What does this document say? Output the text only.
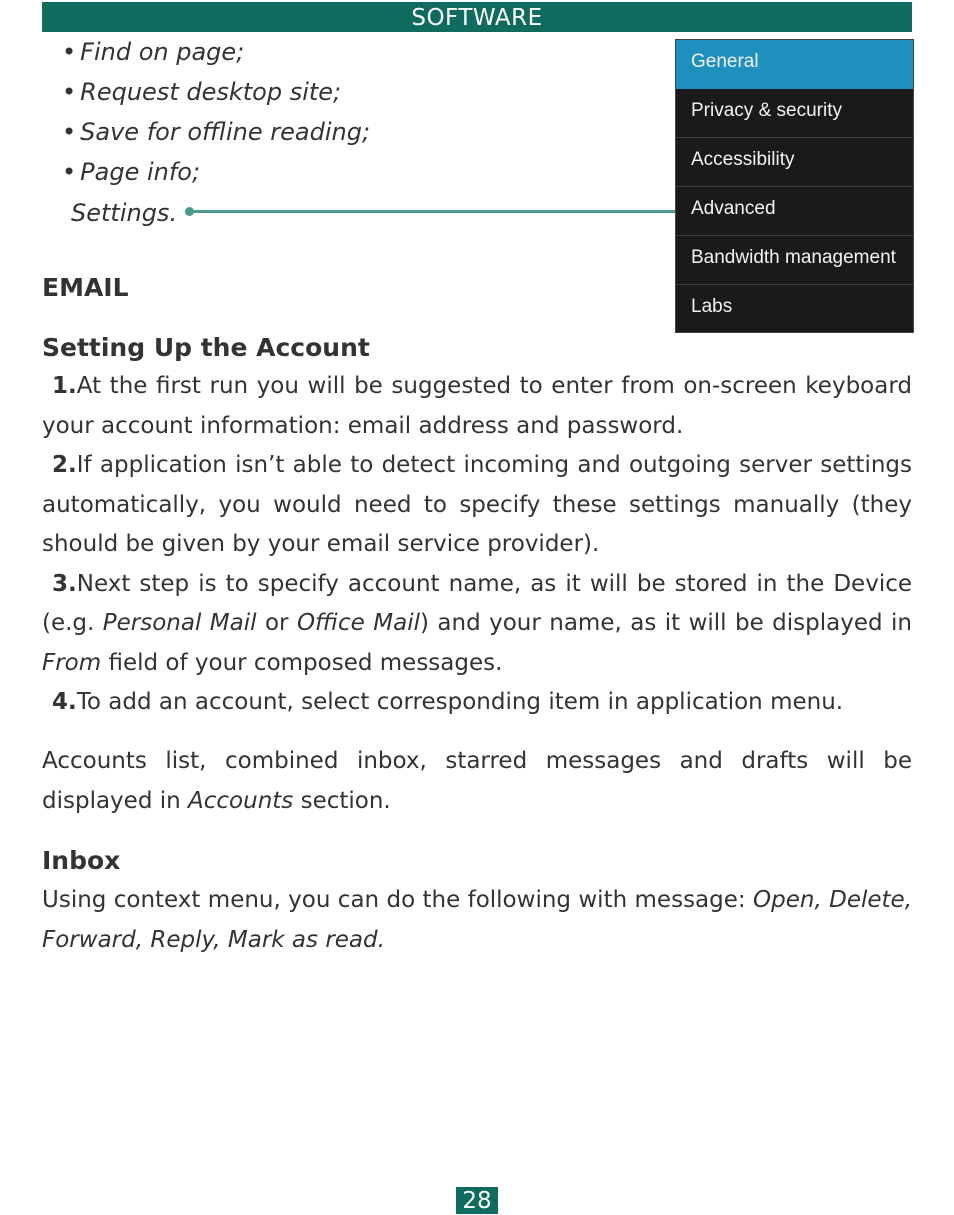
SOFTWARE
• Find on page;
• Request desktop site;
• Save for offline reading;
• Page info;
Settings.
General
Privacy & security
Accessibility
Advanced
Bandwidth management
Labs
EMAIL
Setting Up the Account

1.At the first run you will be suggested to enter from on-screen keyboard your account information: email address and password.

2.If application isn’t able to detect incoming and outgoing server settings automatically, you would need to specify these settings manually (they should be given by your email service provider).

3.Next step is to specify account name, as it will be stored in the Device (e.g. Personal Mail or Office Mail) and your name, as it will be displayed in From field of your composed messages.

4.To add an account, select corresponding item in application menu.

Accounts list, combined inbox, starred messages and drafts will be displayed in Accounts section.
Inbox
Using context menu, you can do the following with message: Open, Delete, Forward, Reply, Mark as read.
28
